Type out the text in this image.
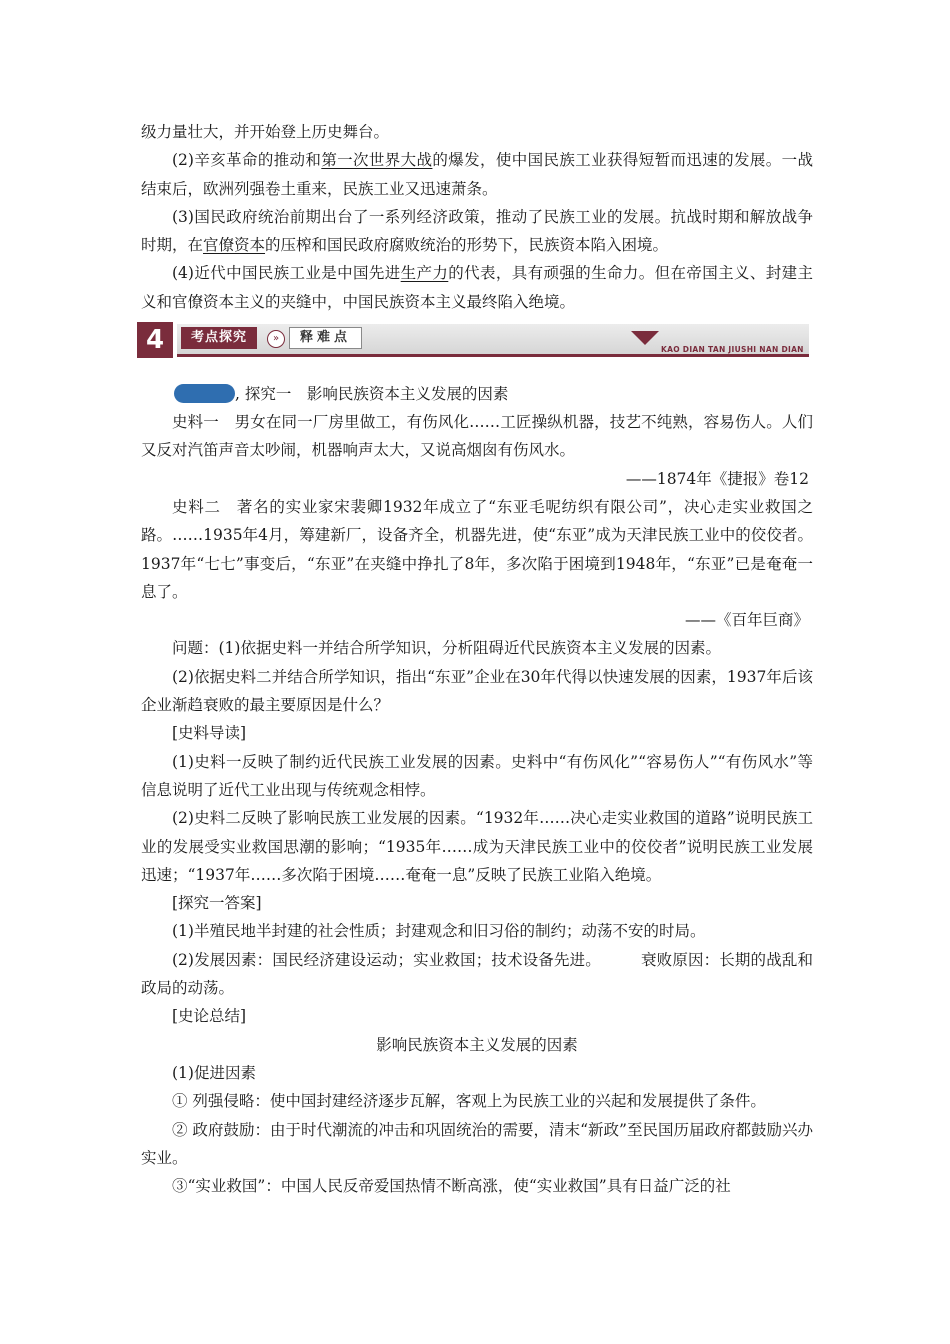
级力量壮大，并开始登上历史舞台。

(2)辛亥革命的推动和第一次世界大战的爆发，使中国民族工业获得短暂而迅速的发展。一战结束后，欧洲列强卷土重来，民族工业又迅速萧条。

(3)国民政府统治前期出台了一系列经济政策，推动了民族工业的发展。抗战时期和解放战争时期，在官僚资本的压榨和国民政府腐败统治的形势下，民族资本陷入困境。

(4)近代中国民族工业是中国先进生产力的代表，具有顽强的生命力。但在帝国主义、封建主义和官僚资本主义的夹缝中，中国民族资本主义最终陷入绝境。

4	考点探究	»	释难点
KAO DIAN TAN JIU SHI NAN DIAN
, 探究一　影响民族资本主义发展的因素

史料一　男女在同一厂房里做工，有伤风化……工匠操纵机器，技艺不纯熟，容易伤人。人们又反对汽笛声音太吵闹，机器响声太大，又说高烟囱有伤风水。

——1874年《捷报》卷12

史料二　著名的实业家宋裴卿1932年成立了“东亚毛呢纺织有限公司”，决心走实业救国之路。……1935年4月，筹建新厂，设备齐全，机器先进，使“东亚”成为天津民族工业中的佼佼者。1937年“七七”事变后，“东亚”在夹缝中挣扎了8年，多次陷于困境到1948年，“东亚”已是奄奄一息了。

——《百年巨商》

问题：(1)依据史料一并结合所学知识，分析阻碍近代民族资本主义发展的因素。

(2)依据史料二并结合所学知识，指出“东亚”企业在30年代得以快速发展的因素，1937年后该企业渐趋衰败的最主要原因是什么？

[史料导读]

(1)史料一反映了制约近代民族工业发展的因素。史料中“有伤风化”“容易伤人”“有伤风水”等信息说明了近代工业出现与传统观念相悖。

(2)史料二反映了影响民族工业发展的因素。“1932年……决心走实业救国的道路”说明民族工业的发展受实业救国思潮的影响；“1935年……成为天津民族工业中的佼佼者”说明民族工业发展迅速；“1937年……多次陷于困境……奄奄一息”反映了民族工业陷入绝境。

[探究一答案]

(1)半殖民地半封建的社会性质；封建观念和旧习俗的制约；动荡不安的时局。

(2)发展因素：国民经济建设运动；实业救国；技术设备先进。	衰败原因：长期的战乱和政局的动荡。

[史论总结]

影响民族资本主义发展的因素

(1)促进因素

① 列强侵略：使中国封建经济逐步瓦解，客观上为民族工业的兴起和发展提供了条件。

② 政府鼓励：由于时代潮流的冲击和巩固统治的需要，清末“新政”至民国历届政府都鼓励兴办实业。

③“实业救国”：中国人民反帝爱国热情不断高涨，使“实业救国”具有日益广泛的社
